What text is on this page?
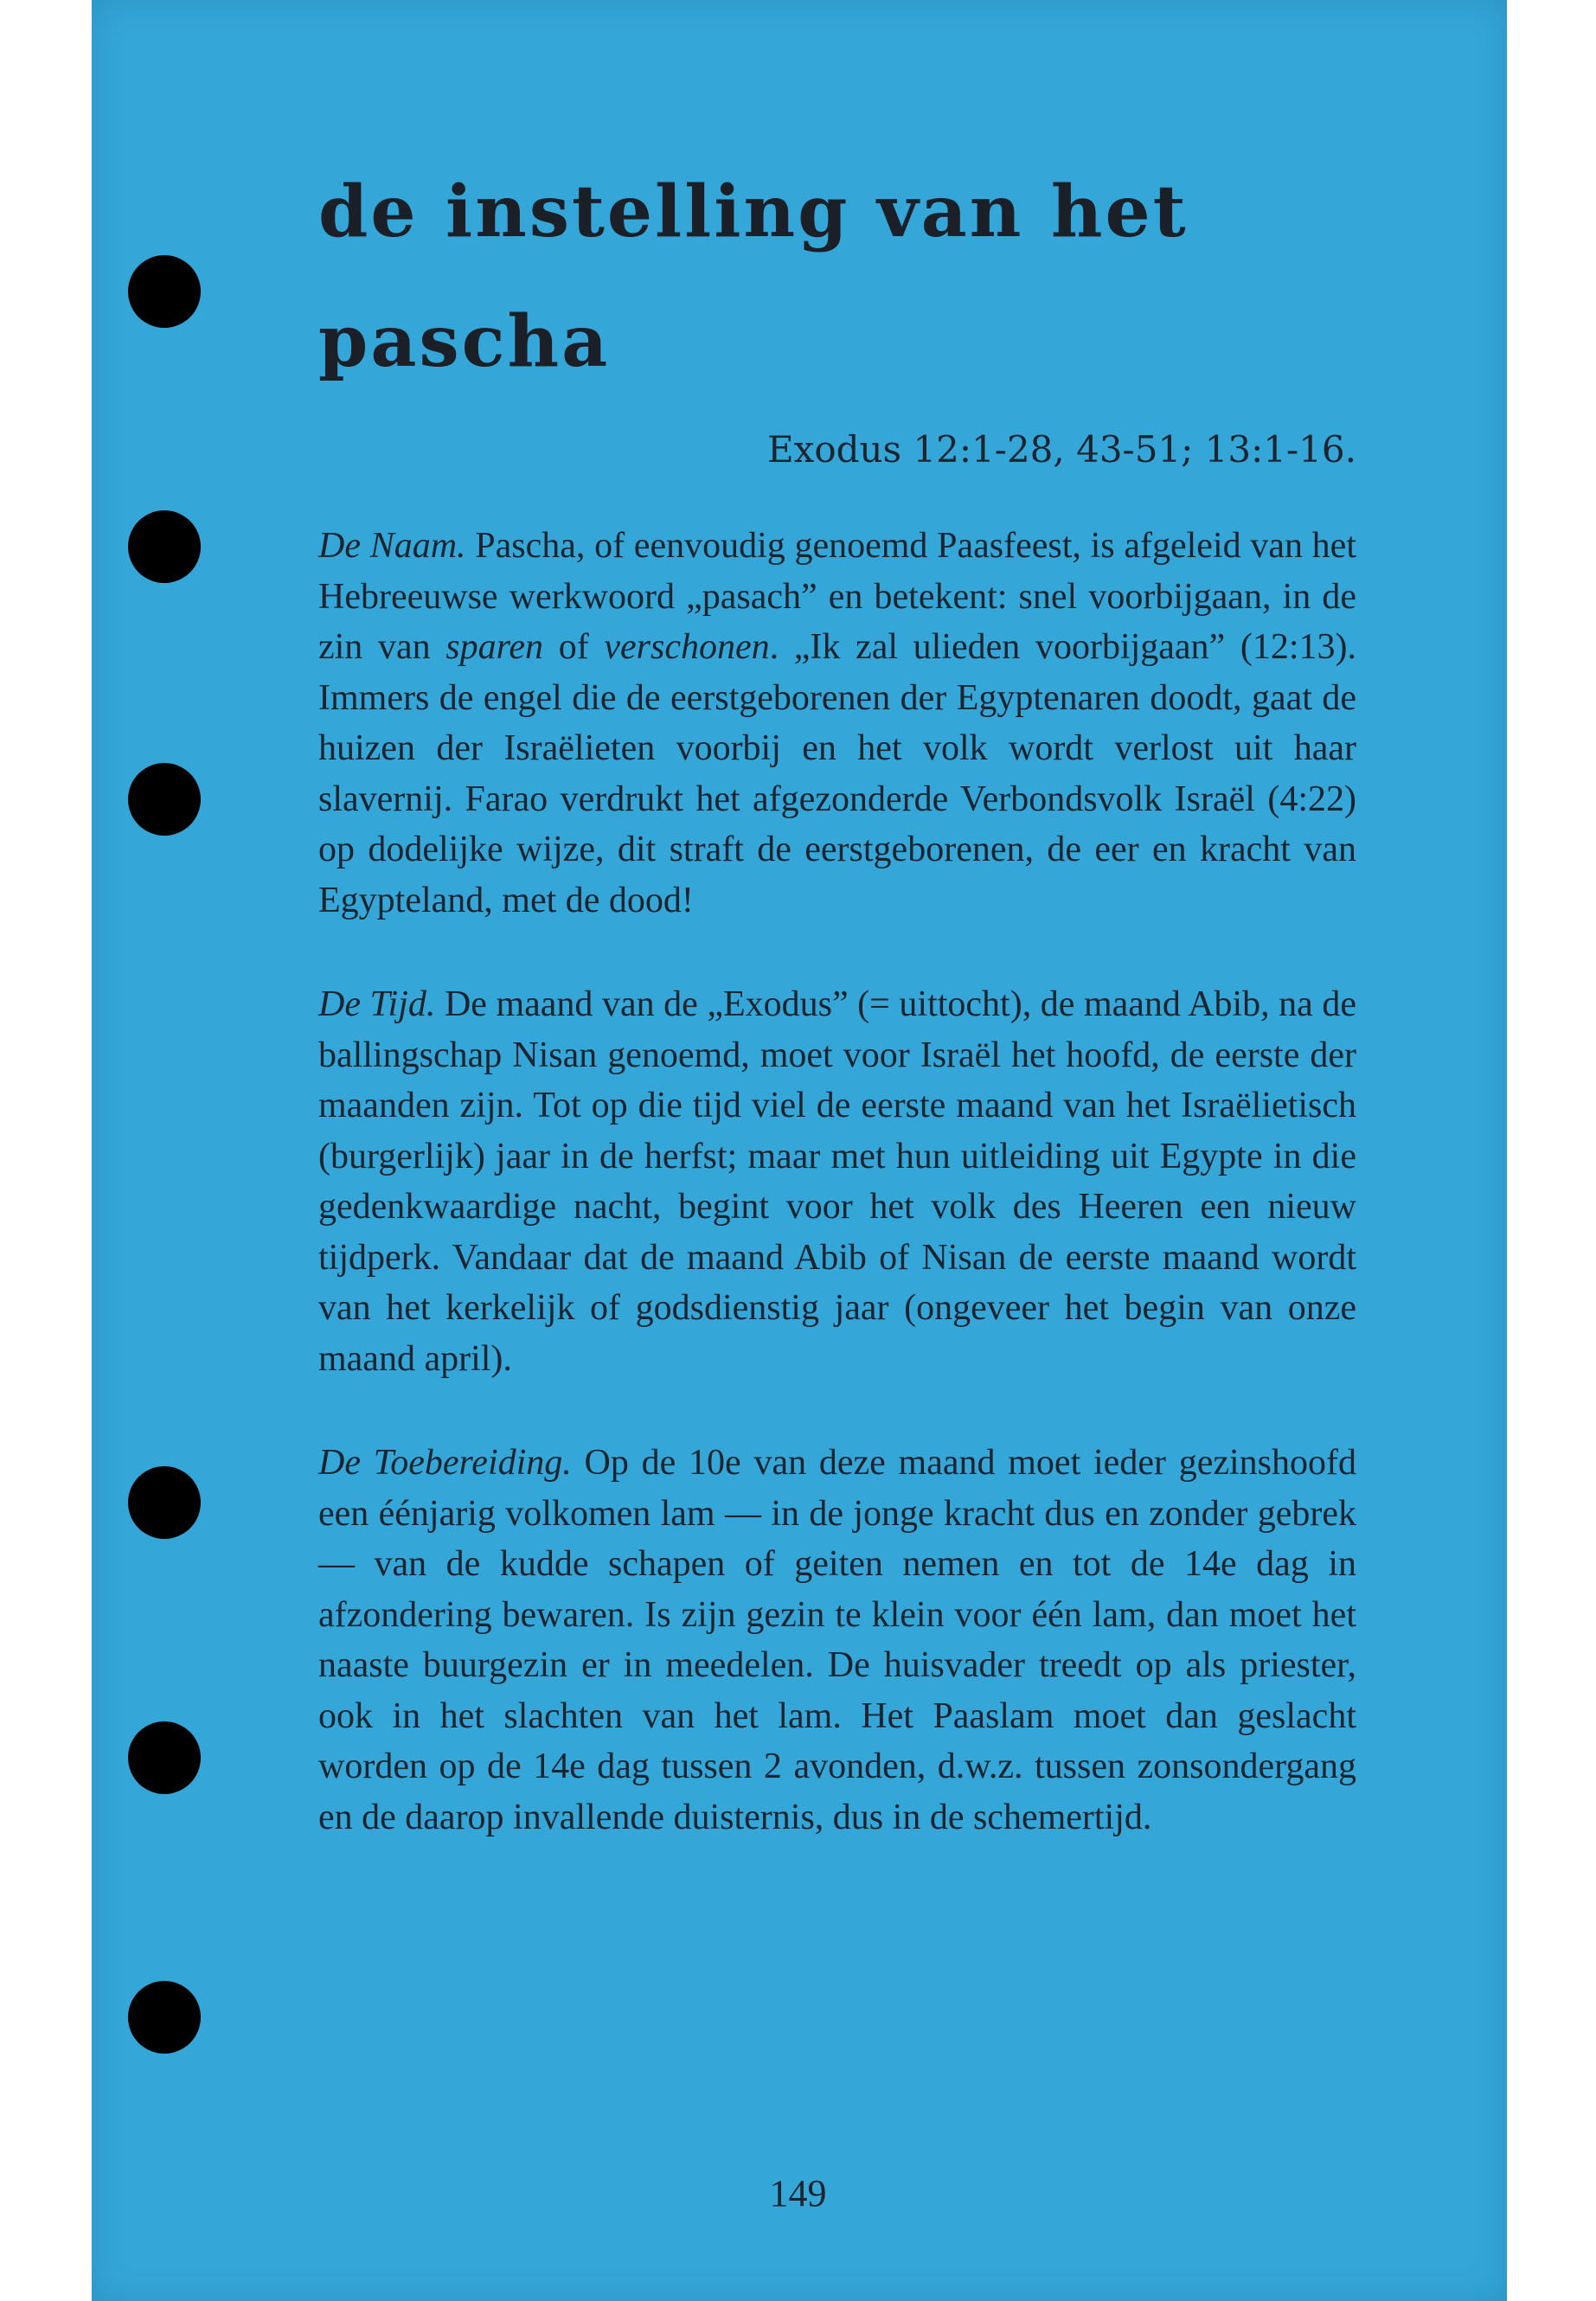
de instelling van het pascha
Exodus 12:1-28, 43-51; 13:1-16.

De Naam. Pascha, of eenvoudig genoemd Paasfeest, is afgeleid van het Hebreeuwse werkwoord „pasach” en betekent: snel voorbijgaan, in de zin van sparen of verschonen. „Ik zal ulieden voorbijgaan” (12:13). Immers de engel die de eerstgeborenen der Egyptenaren doodt, gaat de huizen der Israëlieten voorbij en het volk wordt verlost uit haar slavernij. Farao verdrukt het afgezonderde Verbondsvolk Israël (4:22) op dodelijke wijze, dit straft de eerstgeborenen, de eer en kracht van Egypteland, met de dood!

De Tijd. De maand van de „Exodus” (= uittocht), de maand Abib, na de ballingschap Nisan genoemd, moet voor Israël het hoofd, de eerste der maanden zijn. Tot op die tijd viel de eerste maand van het Israëlietisch (burgerlijk) jaar in de herfst; maar met hun uitleiding uit Egypte in die gedenkwaardige nacht, begint voor het volk des Heeren een nieuw tijdperk. Vandaar dat de maand Abib of Nisan de eerste maand wordt van het kerkelijk of godsdienstig jaar (ongeveer het begin van onze maand april).

De Toebereiding. Op de 10e van deze maand moet ieder gezinshoofd een éénjarig volkomen lam — in de jonge kracht dus en zonder gebrek — van de kudde schapen of geiten nemen en tot de 14e dag in afzondering bewaren. Is zijn gezin te klein voor één lam, dan moet het naaste buurgezin er in meedelen. De huisvader treedt op als priester, ook in het slachten van het lam. Het Paaslam moet dan geslacht worden op de 14e dag tussen 2 avonden, d.w.z. tussen zonsondergang en de daarop invallende duisternis, dus in de schemertijd.

149
